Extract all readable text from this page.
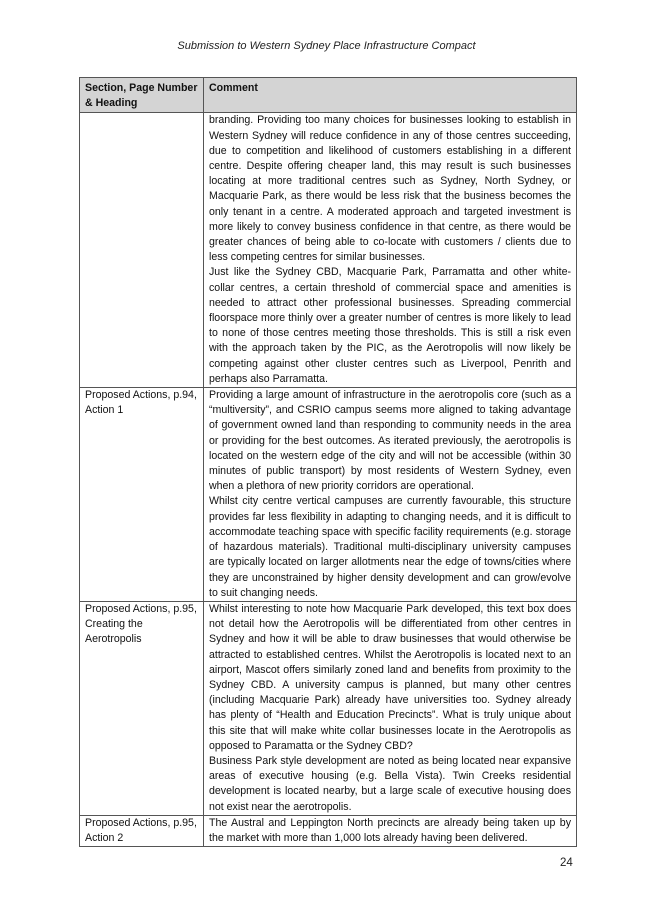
Submission to Western Sydney Place Infrastructure Compact
Section, Page Number & Heading	Comment

	branding. Providing too many choices for businesses looking to establish in Western Sydney will reduce confidence in any of those centres succeeding, due to competition and likelihood of customers establishing in a different centre. Despite offering cheaper land, this may result is such businesses locating at more traditional centres such as Sydney, North Sydney, or Macquarie Park, as there would be less risk that the business becomes the only tenant in a centre. A moderated approach and targeted investment is more likely to convey business confidence in that centre, as there would be greater chances of being able to co-locate with customers / clients due to less competing centres for similar businesses.

Just like the Sydney CBD, Macquarie Park, Parramatta and other white-collar centres, a certain threshold of commercial space and amenities is needed to attract other professional businesses. Spreading commercial floorspace more thinly over a greater number of centres is more likely to lead to none of those centres meeting those thresholds. This is still a risk even with the approach taken by the PIC, as the Aerotropolis will now likely be competing against other cluster centres such as Liverpool, Penrith and perhaps also Parramatta.

Proposed Actions, p.94, Action 1	Providing a large amount of infrastructure in the aerotropolis core (such as a “multiversity”, and CSRIO campus seems more aligned to taking advantage of government owned land than responding to community needs in the area or providing for the best outcomes. As iterated previously, the aerotropolis is located on the western edge of the city and will not be accessible (within 30 minutes of public transport) by most residents of Western Sydney, even when a plethora of new priority corridors are operational.

Whilst city centre vertical campuses are currently favourable, this structure provides far less flexibility in adapting to changing needs, and it is difficult to accommodate teaching space with specific facility requirements (e.g. storage of hazardous materials). Traditional multi-disciplinary university campuses are typically located on larger allotments near the edge of towns/cities where they are unconstrained by higher density development and can grow/evolve to suit changing needs.

Proposed Actions, p.95, Creating the Aerotropolis	Whilst interesting to note how Macquarie Park developed, this text box does not detail how the Aerotropolis will be differentiated from other centres in Sydney and how it will be able to draw businesses that would otherwise be attracted to established centres. Whilst the Aerotropolis is located next to an airport, Mascot offers similarly zoned land and benefits from proximity to the Sydney CBD. A university campus is planned, but many other centres (including Macquarie Park) already have universities too. Sydney already has plenty of “Health and Education Precincts”. What is truly unique about this site that will make white collar businesses locate in the Aerotropolis as opposed to Paramatta or the Sydney CBD?

Business Park style development are noted as being located near expansive areas of executive housing (e.g. Bella Vista). Twin Creeks residential development is located nearby, but a large scale of executive housing does not exist near the aerotropolis.

Proposed Actions, p.95, Action 2	The Austral and Leppington North precincts are already being taken up by the market with more than 1,000 lots already having been delivered.

24
